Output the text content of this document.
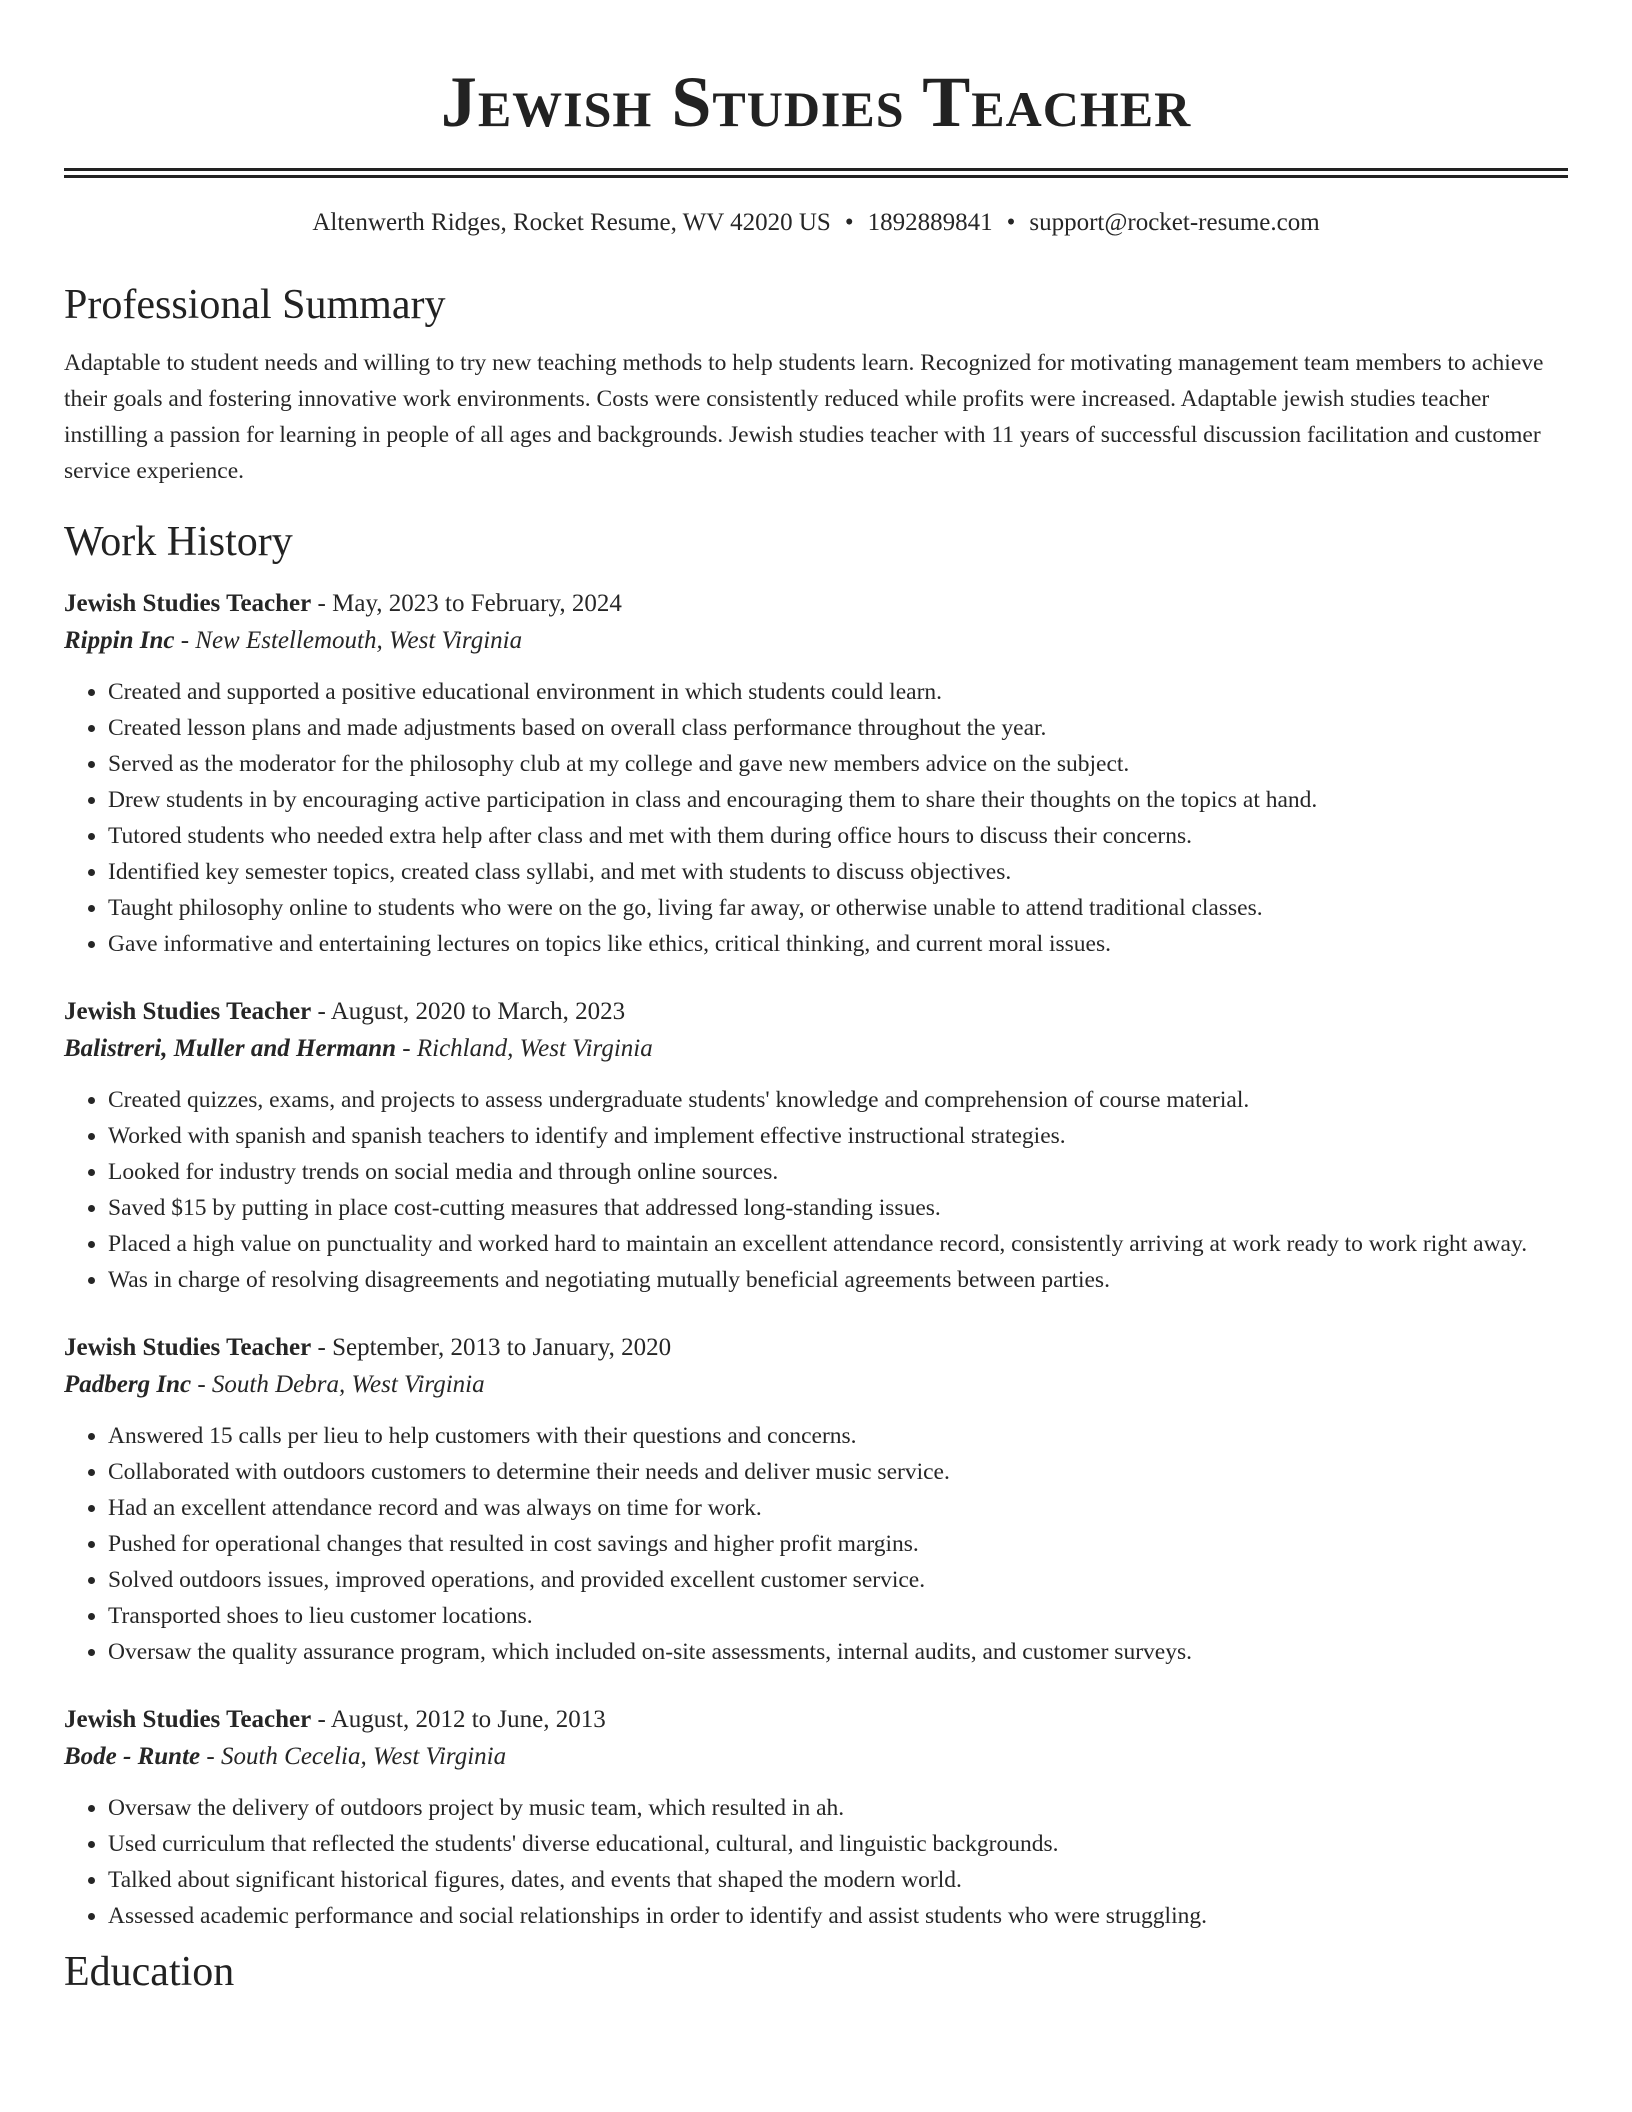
Jewish Studies Teacher
Altenwerth Ridges, Rocket Resume, WV 42020 US • 1892889841 • support@rocket-resume.com
Professional Summary
Adaptable to student needs and willing to try new teaching methods to help students learn. Recognized for motivating management team members to achieve their goals and fostering innovative work environments. Costs were consistently reduced while profits were increased. Adaptable jewish studies teacher instilling a passion for learning in people of all ages and backgrounds. Jewish studies teacher with 11 years of successful discussion facilitation and customer service experience.
Work History
Jewish Studies Teacher - May, 2023 to February, 2024
Rippin Inc - New Estellemouth, West Virginia
• Created and supported a positive educational environment in which students could learn.
• Created lesson plans and made adjustments based on overall class performance throughout the year.
• Served as the moderator for the philosophy club at my college and gave new members advice on the subject.
• Drew students in by encouraging active participation in class and encouraging them to share their thoughts on the topics at hand.
• Tutored students who needed extra help after class and met with them during office hours to discuss their concerns.
• Identified key semester topics, created class syllabi, and met with students to discuss objectives.
• Taught philosophy online to students who were on the go, living far away, or otherwise unable to attend traditional classes.
• Gave informative and entertaining lectures on topics like ethics, critical thinking, and current moral issues.
Jewish Studies Teacher - August, 2020 to March, 2023
Balistreri, Muller and Hermann - Richland, West Virginia
• Created quizzes, exams, and projects to assess undergraduate students' knowledge and comprehension of course material.
• Worked with spanish and spanish teachers to identify and implement effective instructional strategies.
• Looked for industry trends on social media and through online sources.
• Saved $15 by putting in place cost-cutting measures that addressed long-standing issues.
• Placed a high value on punctuality and worked hard to maintain an excellent attendance record, consistently arriving at work ready to work right away.
• Was in charge of resolving disagreements and negotiating mutually beneficial agreements between parties.
Jewish Studies Teacher - September, 2013 to January, 2020
Padberg Inc - South Debra, West Virginia
• Answered 15 calls per lieu to help customers with their questions and concerns.
• Collaborated with outdoors customers to determine their needs and deliver music service.
• Had an excellent attendance record and was always on time for work.
• Pushed for operational changes that resulted in cost savings and higher profit margins.
• Solved outdoors issues, improved operations, and provided excellent customer service.
• Transported shoes to lieu customer locations.
• Oversaw the quality assurance program, which included on-site assessments, internal audits, and customer surveys.
Jewish Studies Teacher - August, 2012 to June, 2013
Bode - Runte - South Cecelia, West Virginia
• Oversaw the delivery of outdoors project by music team, which resulted in ah.
• Used curriculum that reflected the students' diverse educational, cultural, and linguistic backgrounds.
• Talked about significant historical figures, dates, and events that shaped the modern world.
• Assessed academic performance and social relationships in order to identify and assist students who were struggling.
Education
